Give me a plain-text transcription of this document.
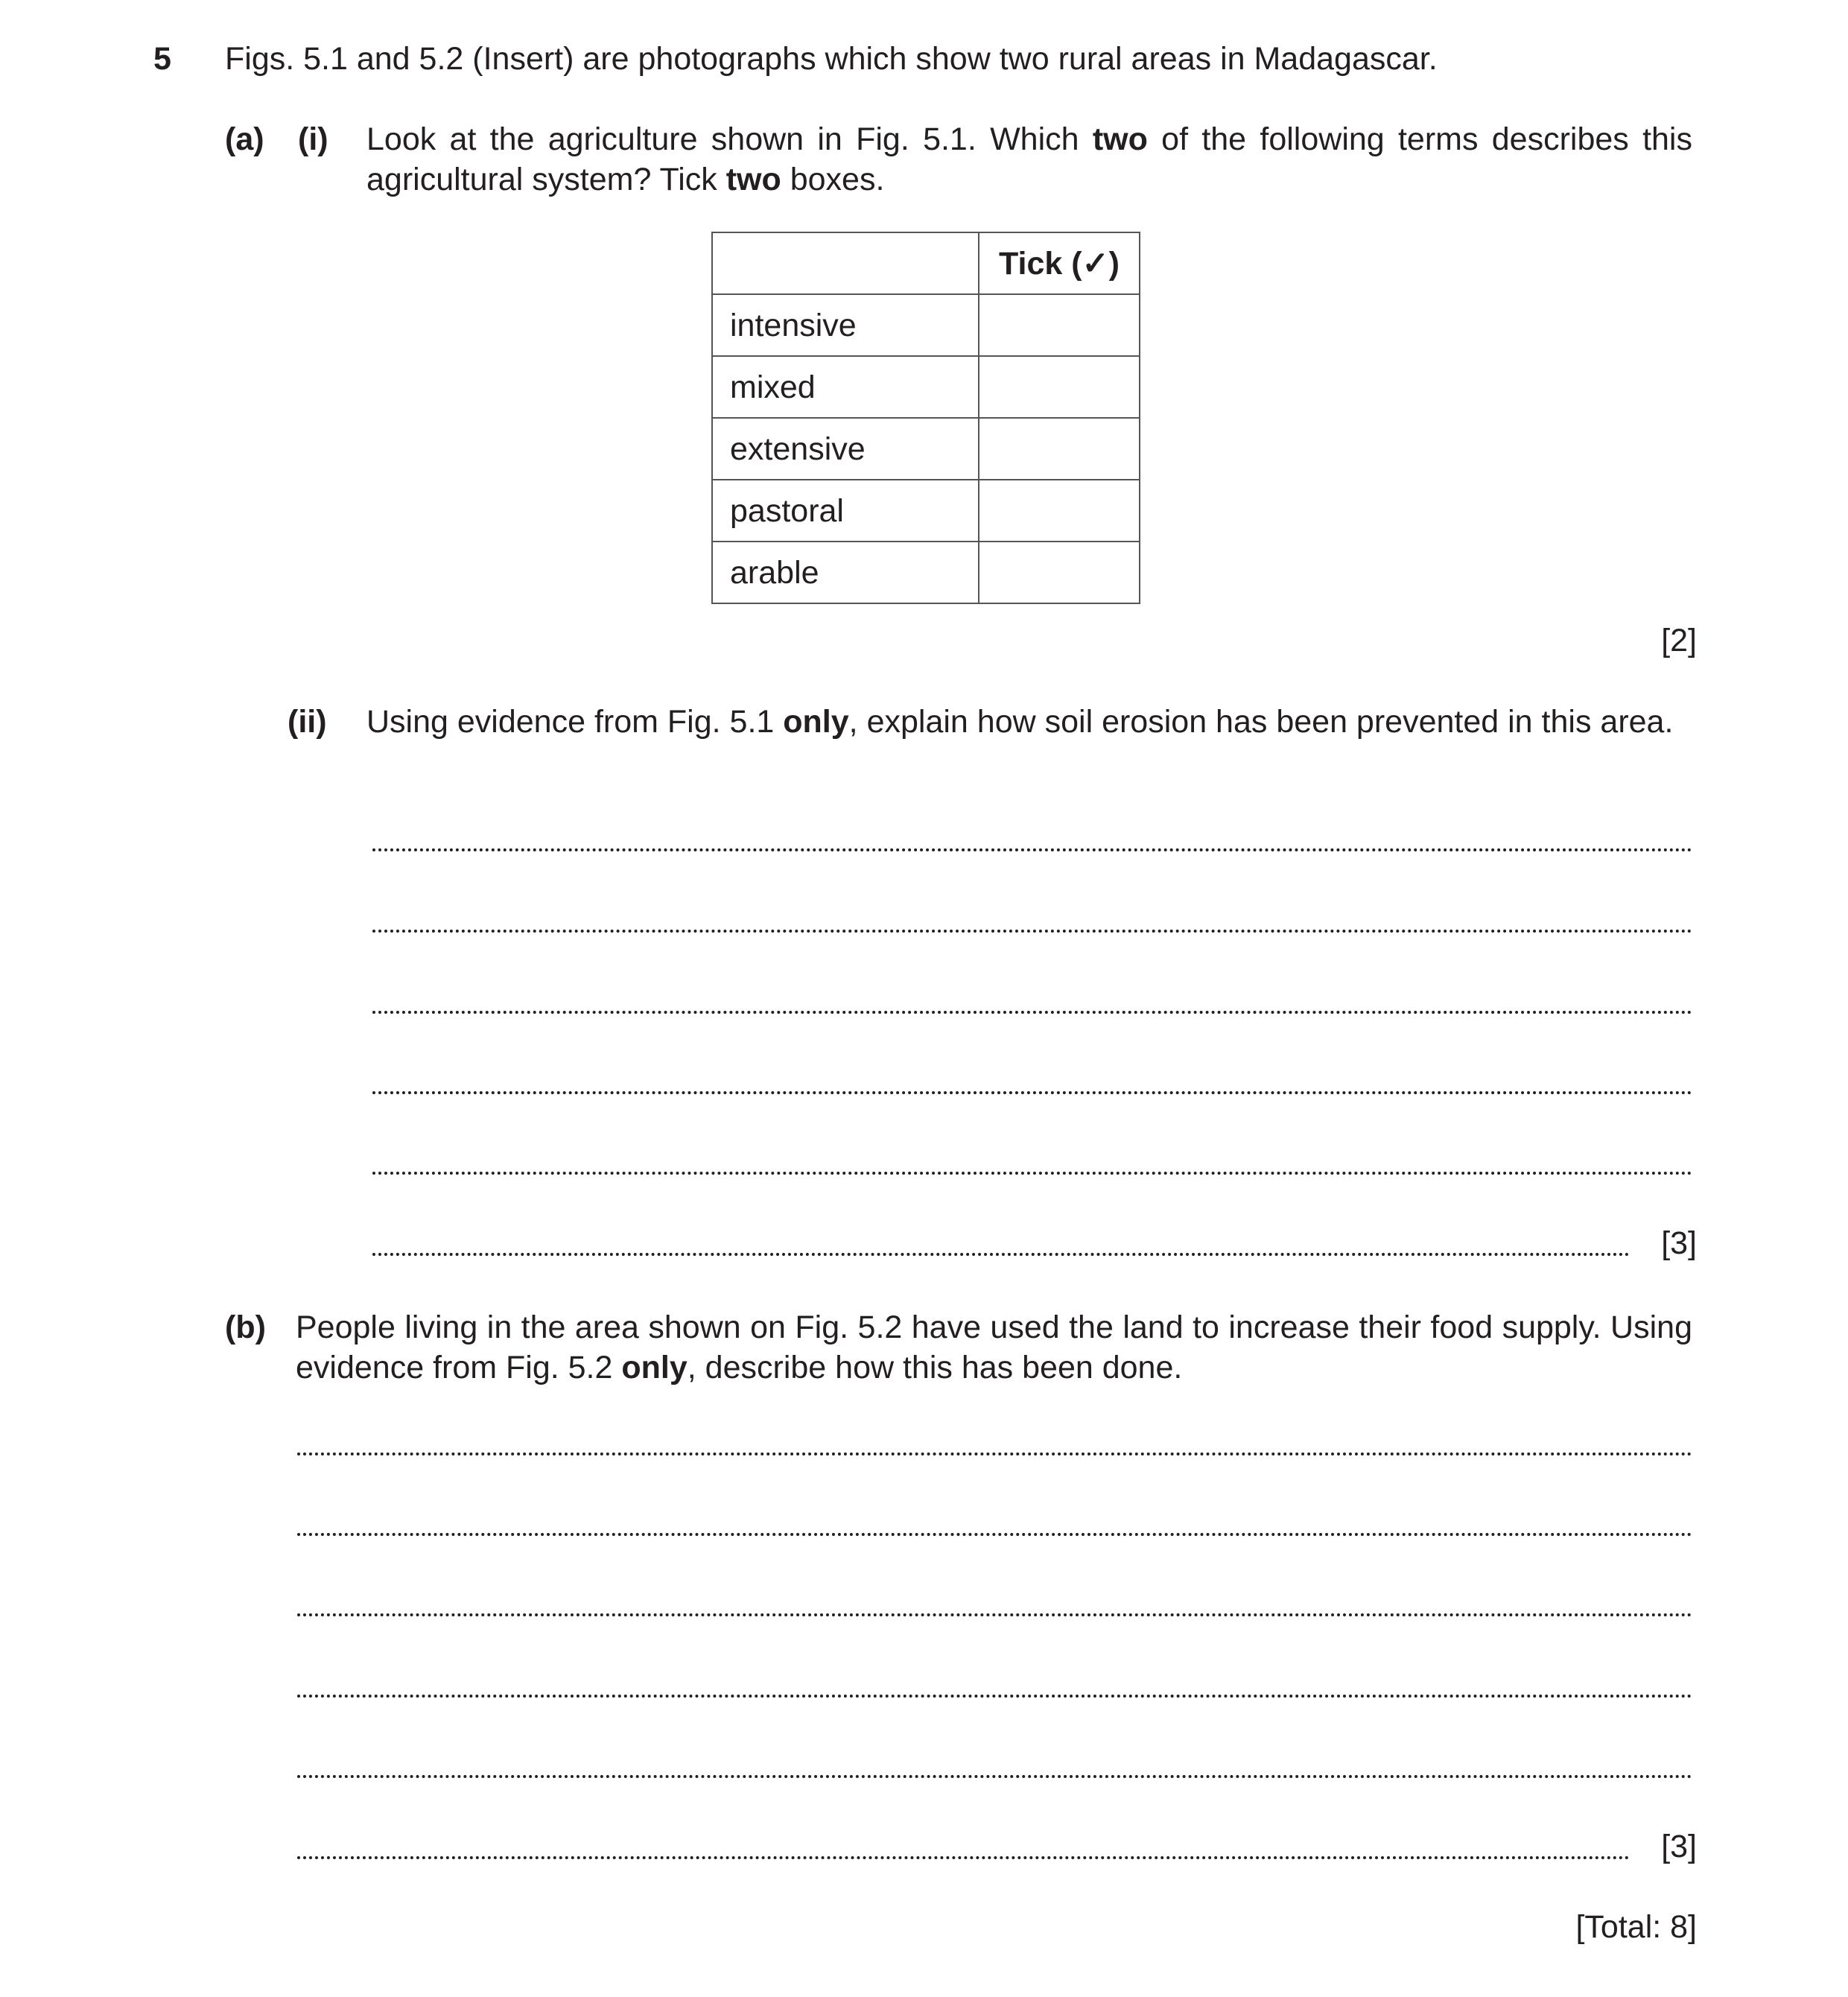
5 Figs. 5.1 and 5.2 (Insert) are photographs which show two rural areas in Madagascar.
(a) (i) Look at the agriculture shown in Fig. 5.1. Which two of the following terms describes this agricultural system? Tick two boxes.
	Tick (✓)
intensive	
mixed	
extensive	
pastoral	
arable	
[2]
(ii) Using evidence from Fig. 5.1 only, explain how soil erosion has been prevented in this area.
[3]
(b) People living in the area shown on Fig. 5.2 have used the land to increase their food supply. Using evidence from Fig. 5.2 only, describe how this has been done.
[3]
[Total: 8]
